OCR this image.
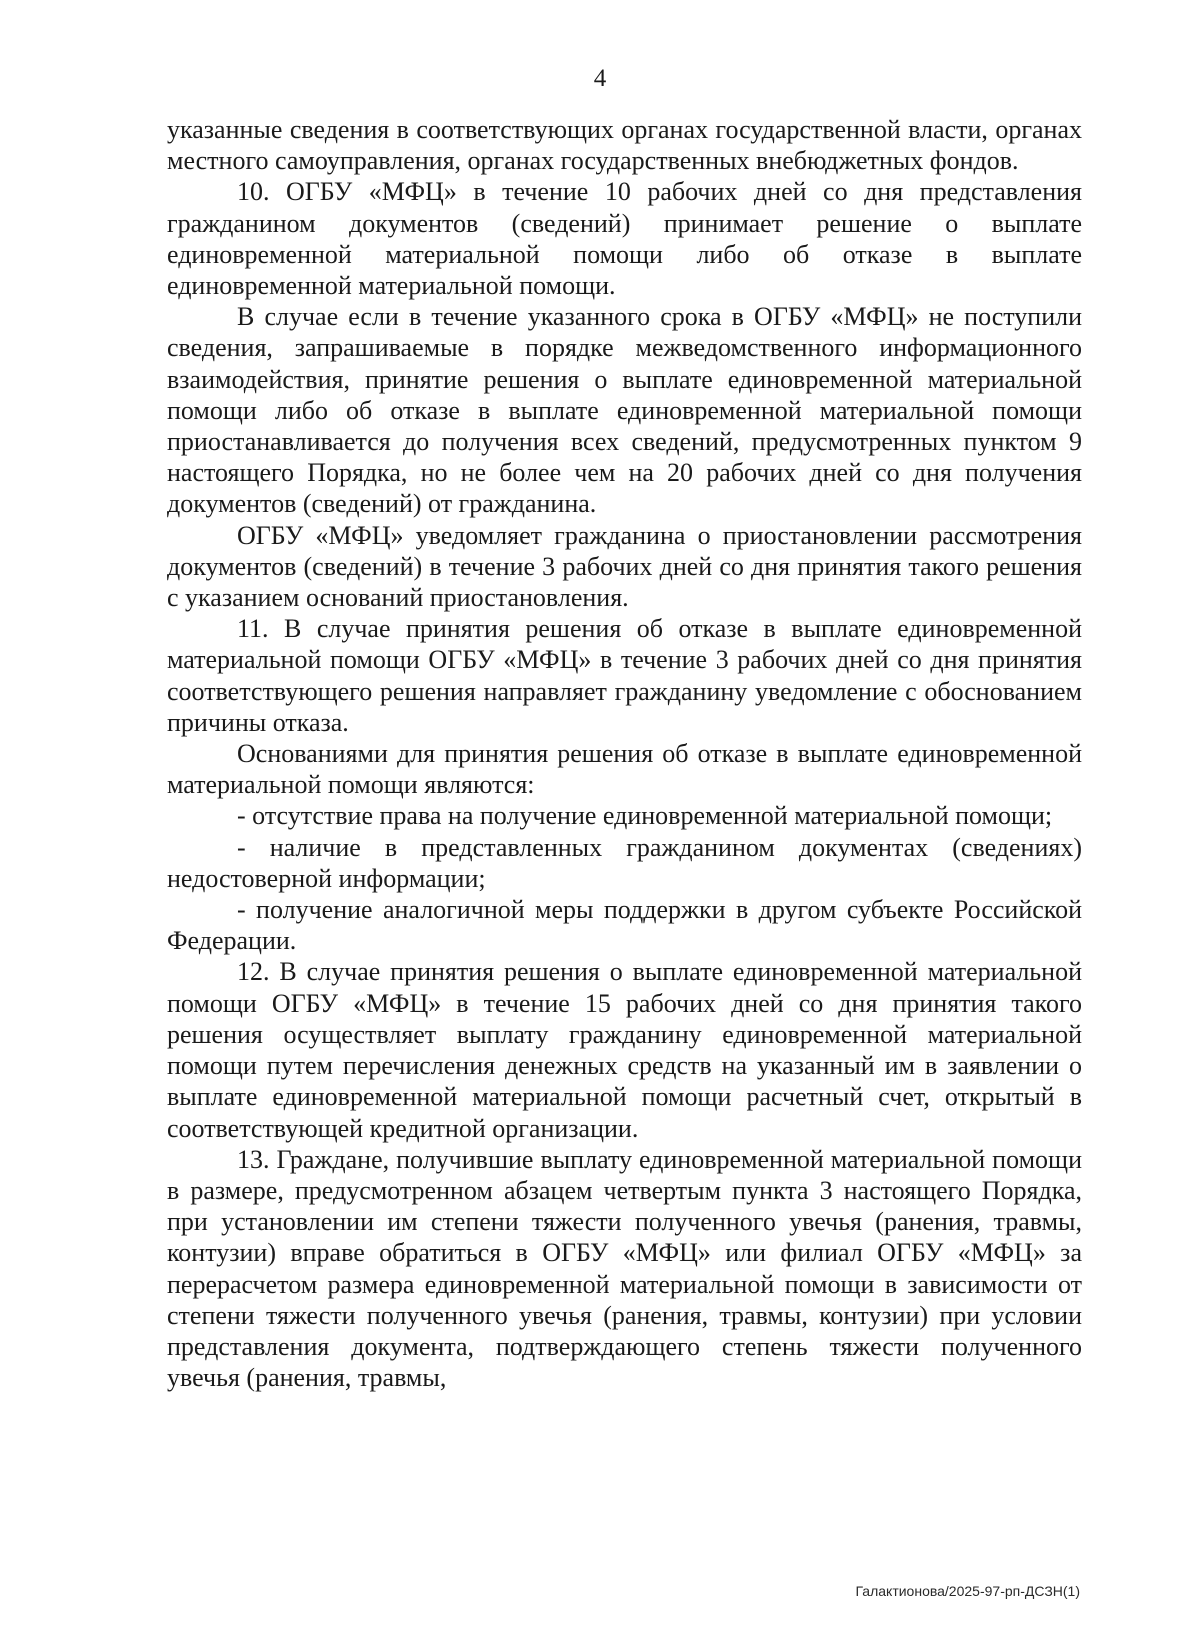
4

указанные сведения в соответствующих органах государственной власти, органах местного самоуправления, органах государственных внебюджетных фондов.

10. ОГБУ «МФЦ» в течение 10 рабочих дней со дня представления гражданином документов (сведений) принимает решение о выплате единовременной материальной помощи либо об отказе в выплате единовременной материальной помощи.

В случае если в течение указанного срока в ОГБУ «МФЦ» не поступили сведения, запрашиваемые в порядке межведомственного информационного взаимодействия, принятие решения о выплате единовременной материальной помощи либо об отказе в выплате единовременной материальной помощи приостанавливается до получения всех сведений, предусмотренных пунктом 9 настоящего Порядка, но не более чем на 20 рабочих дней со дня получения документов (сведений) от гражданина.

ОГБУ «МФЦ» уведомляет гражданина о приостановлении рассмотрения документов (сведений) в течение 3 рабочих дней со дня принятия такого решения с указанием оснований приостановления.

11. В случае принятия решения об отказе в выплате единовременной материальной помощи ОГБУ «МФЦ» в течение 3 рабочих дней со дня принятия соответствующего решения направляет гражданину уведомление с обоснованием причины отказа.

Основаниями для принятия решения об отказе в выплате единовременной материальной помощи являются:

- отсутствие права на получение единовременной материальной помощи;

- наличие в представленных гражданином документах (сведениях) недостоверной информации;

- получение аналогичной меры поддержки в другом субъекте Российской Федерации.

12. В случае принятия решения о выплате единовременной материальной помощи ОГБУ «МФЦ» в течение 15 рабочих дней со дня принятия такого решения осуществляет выплату гражданину единовременной материальной помощи путем перечисления денежных средств на указанный им в заявлении о выплате единовременной материальной помощи расчетный счет, открытый в соответствующей кредитной организации.

13. Граждане, получившие выплату единовременной материальной помощи в размере, предусмотренном абзацем четвертым пункта 3 настоящего Порядка, при установлении им степени тяжести полученного увечья (ранения, травмы, контузии) вправе обратиться в ОГБУ «МФЦ» или филиал ОГБУ «МФЦ» за перерасчетом размера единовременной материальной помощи в зависимости от степени тяжести полученного увечья (ранения, травмы, контузии) при условии представления документа, подтверждающего степень тяжести полученного увечья (ранения, травмы,

Галактионова/2025-97-рп-ДСЗН(1)
